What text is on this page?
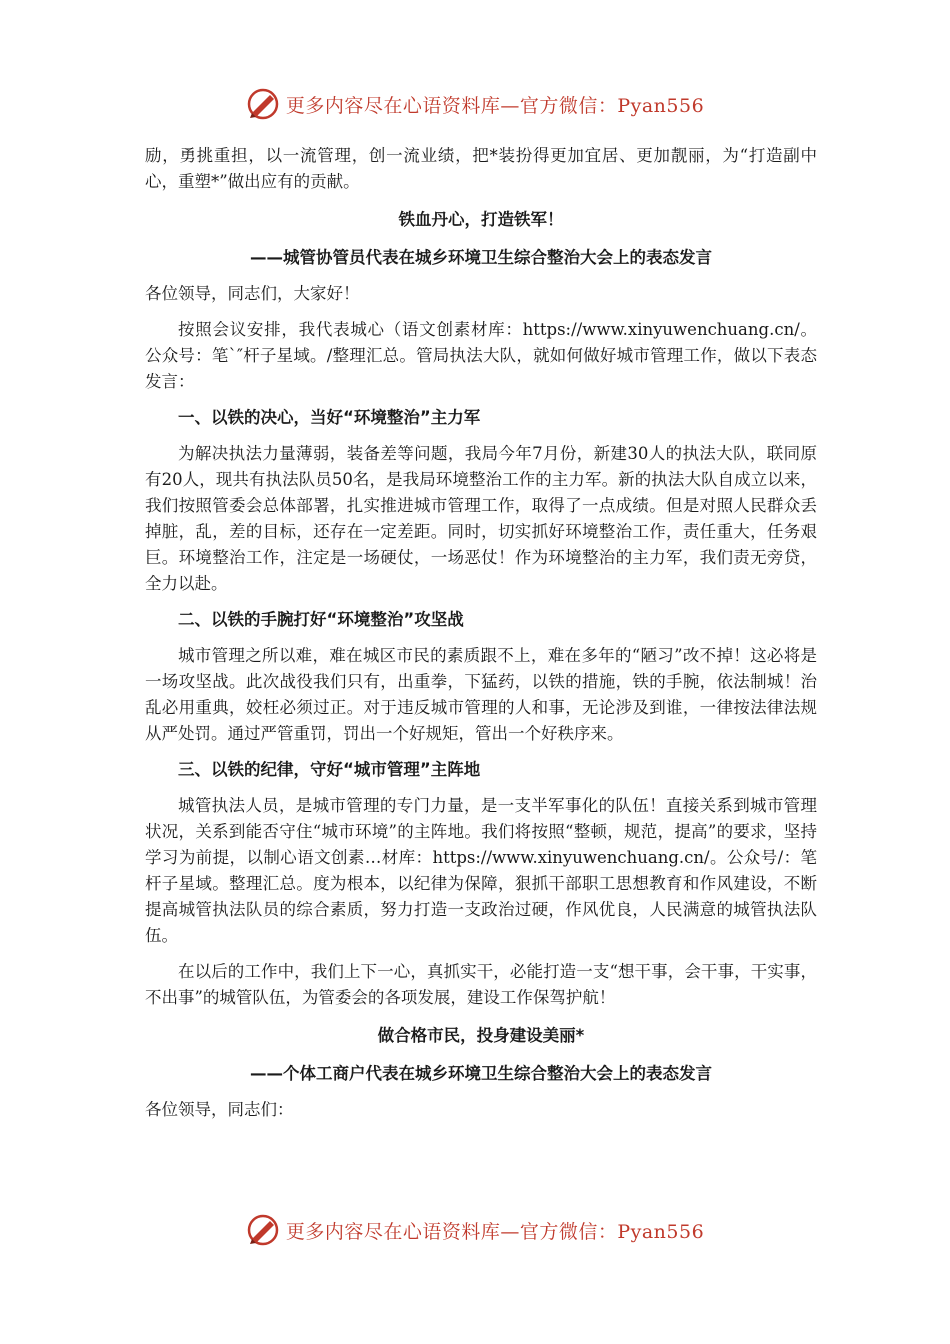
更多内容尽在心语资料库—官方微信：Pyan556

励，勇挑重担，以一流管理，创一流业绩，把*装扮得更加宜居、更加靓丽，为“打造副中心，重塑*”做出应有的贡献。

铁血丹心，打造铁军！
——城管协管员代表在城乡环境卫生综合整治大会上的表态发言

各位领导，同志们，大家好！

按照会议安排，我代表城心（语文创素材库：https://www.xinyuwenchuang.cn/。公众号：笔`″杆子星域。/整理汇总。管局执法大队，就如何做好城市管理工作，做以下表态发言：

一、以铁的决心，当好“环境整治”主力军

为解决执法力量薄弱，装备差等问题，我局今年7月份，新建30人的执法大队，联同原有20人，现共有执法队员50名，是我局环境整治工作的主力军。新的执法大队自成立以来，我们按照管委会总体部署，扎实推进城市管理工作，取得了一点成绩。但是对照人民群众丢掉脏，乱，差的目标，还存在一定差距。同时，切实抓好环境整治工作，责任重大，任务艰巨。环境整治工作，注定是一场硬仗，一场恶仗！作为环境整治的主力军，我们责无旁贷，全力以赴。

二、以铁的手腕打好“环境整治”攻坚战

城市管理之所以难，难在城区市民的素质跟不上，难在多年的“陋习”改不掉！这必将是一场攻坚战。此次战役我们只有，出重拳，下猛药，以铁的措施，铁的手腕，依法制城！治乱必用重典，姣枉必须过正。对于违反城市管理的人和事，无论涉及到谁，一律按法律法规从严处罚。通过严管重罚，罚出一个好规矩，管出一个好秩序来。

三、以铁的纪律，守好“城市管理”主阵地

城管执法人员，是城市管理的专门力量，是一支半军事化的队伍！直接关系到城市管理状况，关系到能否守住“城市环境”的主阵地。我们将按照“整顿，规范，提高”的要求，坚持学习为前提，以制心语文创素…材库：https://www.xinyuwenchuang.cn/。公众号/：笔杆子星域。整理汇总。度为根本，以纪律为保障，狠抓干部职工思想教育和作风建设，不断提高城管执法队员的综合素质，努力打造一支政治过硬，作风优良，人民满意的城管执法队伍。

在以后的工作中，我们上下一心，真抓实干，必能打造一支“想干事，会干事，干实事，不出事”的城管队伍，为管委会的各项发展，建设工作保驾护航！

做合格市民，投身建设美丽*
——个体工商户代表在城乡环境卫生综合整治大会上的表态发言

各位领导，同志们：

更多内容尽在心语资料库—官方微信：Pyan556
